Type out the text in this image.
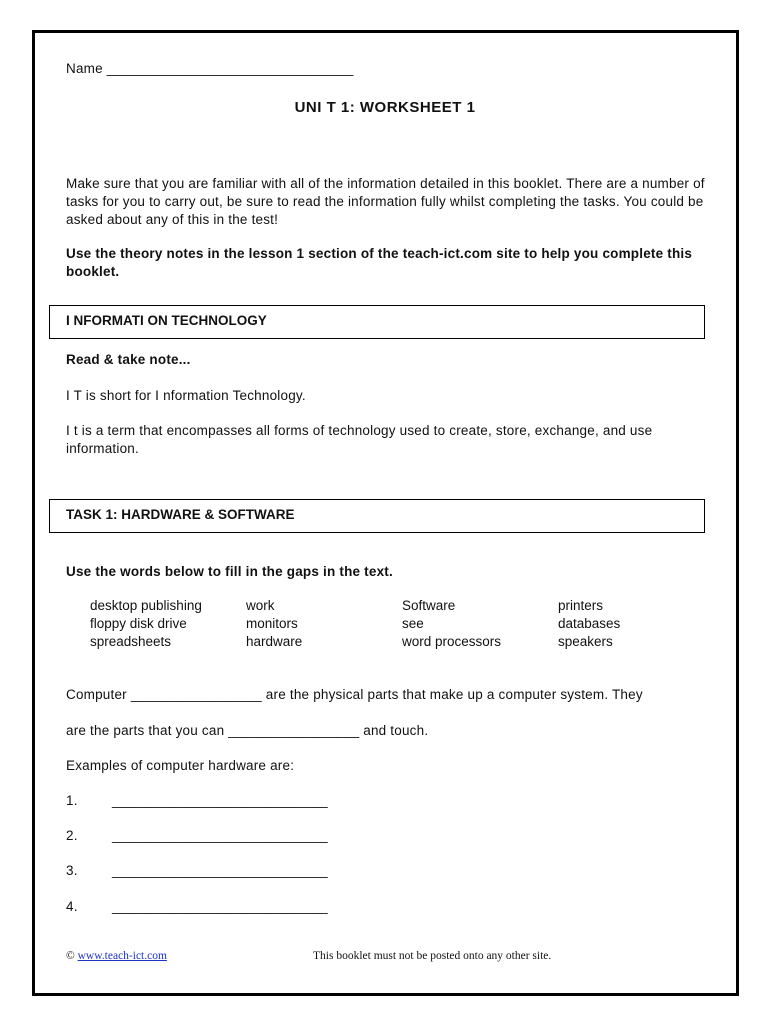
Name ________________________________
UNI T 1: WORKSHEET 1
Make sure that you are familiar with all of the information detailed in this booklet. There are a number of tasks for you to carry out, be sure to read the information fully whilst completing the tasks. You could be asked about any of this in the test!
Use the theory notes in the lesson 1 section of the teach-ict.com site to help you complete this booklet.
I NFORMATI ON TECHNOLOGY
Read & take note...
I T is short for I nformation Technology.
I t is a term that encompasses all forms of technology used to create, store, exchange, and use information.
TASK 1: HARDWARE & SOFTWARE
Use the words below to fill in the gaps in the text.
desktop publishing	work	Software	printers
floppy disk drive	monitors	see	databases
spreadsheets	hardware	word processors	speakers
Computer _________________ are the physical parts that make up a computer system. They
are the parts that you can _________________ and touch.
Examples of computer hardware are:
1.	____________________________
2.	____________________________
3.	____________________________
4.	____________________________
© www.teach-ict.com	This booklet must not be posted onto any other site.
